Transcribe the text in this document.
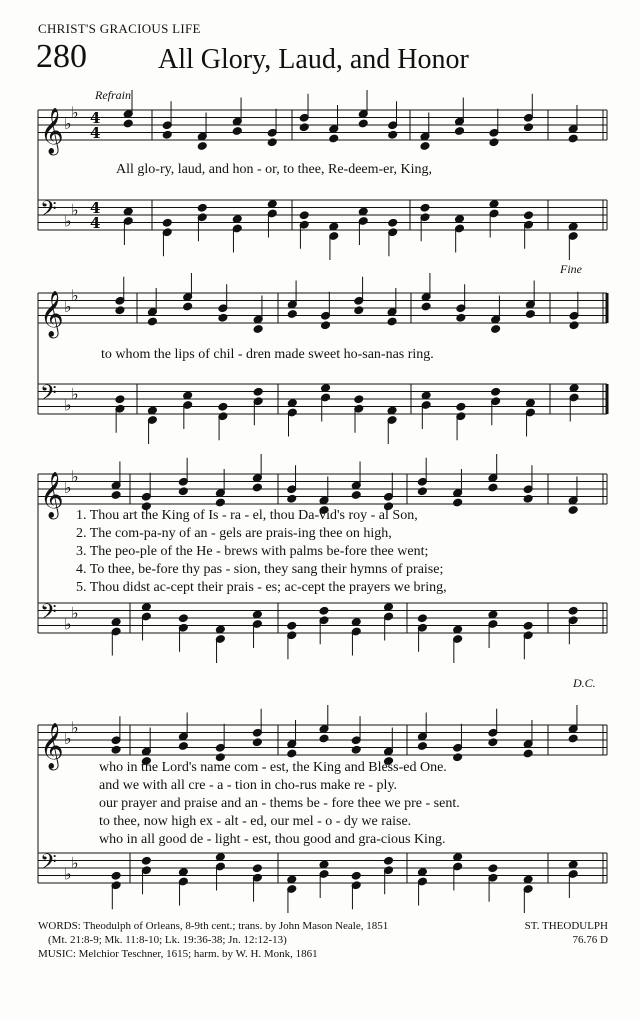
CHRIST'S GRACIOUS LIFE
280	All Glory, Laud, and Honor
Refrain
Fine
D.C.
𝄞 ♭
♭ 4
4
𝄢 ♭
♭ 4
4
𝄞 ♭
♭
𝄢 ♭
♭
𝄞 ♭
♭
𝄢 ♭
♭
𝄞 ♭
♭
𝄢 ♭
♭
All glo-ry, laud, and hon - or, to thee, Re-deem-er, King,
to whom the lips of chil - dren made sweet ho-san-nas ring.
1. Thou art the King of Is - ra - el, thou Da-vid's roy - al Son,
2. The com-pa-ny of an - gels are prais-ing thee on high,
3. The peo-ple of the He - brews with palms be-fore thee went;
4. To thee, be-fore thy pas - sion, they sang their hymns of praise;
5. Thou didst ac-cept their prais - es; ac-cept the prayers we bring,
who in the Lord's name com - est, the King and Bless-ed One.
and we with all cre - a - tion in cho-rus make re - ply.
our prayer and praise and an - thems be - fore thee we pre - sent.
to thee, now high ex - alt - ed, our mel - o - dy we raise.
who in all good de - light - est, thou good and gra-cious King.
WORDS: Theodulph of Orleans, 8-9th cent.; trans. by John Mason Neale, 1851
(Mt. 21:8-9; Mk. 11:8-10; Lk. 19:36-38; Jn. 12:12-13)
MUSIC: Melchior Teschner, 1615; harm. by W. H. Monk, 1861
ST. THEODULPH
76.76 D
